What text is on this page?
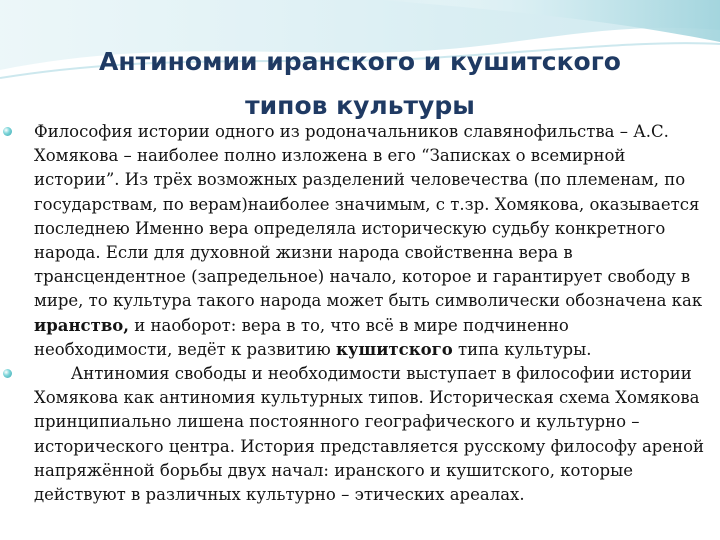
Антиномии иранского и кушитского
типов культуры
Философия истории одного из родоначальников славянофильства – А.С. Хомякова – наиболее полно изложена в его “Записках о всемирной истории”. Из трёх возможных разделений человечества (по племенам, по государствам, по верам)наиболее значимым, с т.зр. Хомякова, оказывается последнею Именно вера определяла историческую судьбу конкретного народа. Если для духовной жизни народа свойственна вера в трансцендентное (запредельное) начало, которое и гарантирует свободу в мире, то культура такого народа может быть символически обозначена как иранство, и наоборот: вера в то, что всё в мире подчиненно необходимости, ведёт к развитию кушитского типа культуры.
Антиномия свободы и необходимости выступает в философии истории Хомякова как антиномия культурных типов. Историческая схема Хомякова принципиально лишена постоянного географического и культурно – исторического центра. История представляется русскому философу ареной напряжённой борьбы двух начал: иранского и кушитского, которые действуют в различных культурно – этических ареалах.
